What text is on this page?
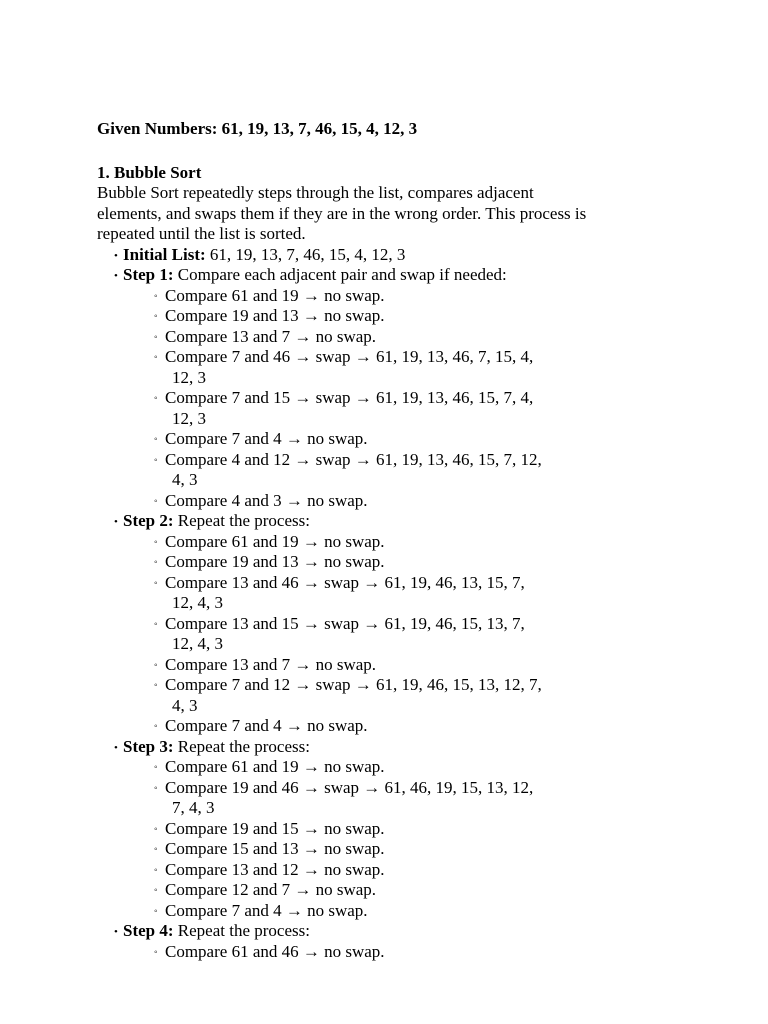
Given Numbers: 61, 19, 13, 7, 46, 15, 4, 12, 3

1. Bubble Sort

Bubble Sort repeatedly steps through the list, compares adjacent elements, and swaps them if they are in the wrong order. This process is repeated until the list is sorted.

• Initial List: 61, 19, 13, 7, 46, 15, 4, 12, 3
• Step 1: Compare each adjacent pair and swap if needed:
◦ Compare 61 and 19 → no swap.
◦ Compare 19 and 13 → no swap.
◦ Compare 13 and 7 → no swap.
◦ Compare 7 and 46 → swap → 61, 19, 13, 46, 7, 15, 4,
12, 3
◦ Compare 7 and 15 → swap → 61, 19, 13, 46, 15, 7, 4,
12, 3
◦ Compare 7 and 4 → no swap.
◦ Compare 4 and 12 → swap → 61, 19, 13, 46, 15, 7, 12,
4, 3
◦ Compare 4 and 3 → no swap.
• Step 2: Repeat the process:
◦ Compare 61 and 19 → no swap.
◦ Compare 19 and 13 → no swap.
◦ Compare 13 and 46 → swap → 61, 19, 46, 13, 15, 7,
12, 4, 3
◦ Compare 13 and 15 → swap → 61, 19, 46, 15, 13, 7,
12, 4, 3
◦ Compare 13 and 7 → no swap.
◦ Compare 7 and 12 → swap → 61, 19, 46, 15, 13, 12, 7,
4, 3
◦ Compare 7 and 4 → no swap.
• Step 3: Repeat the process:
◦ Compare 61 and 19 → no swap.
◦ Compare 19 and 46 → swap → 61, 46, 19, 15, 13, 12,
7, 4, 3
◦ Compare 19 and 15 → no swap.
◦ Compare 15 and 13 → no swap.
◦ Compare 13 and 12 → no swap.
◦ Compare 12 and 7 → no swap.
◦ Compare 7 and 4 → no swap.
• Step 4: Repeat the process:
◦ Compare 61 and 46 → no swap.
